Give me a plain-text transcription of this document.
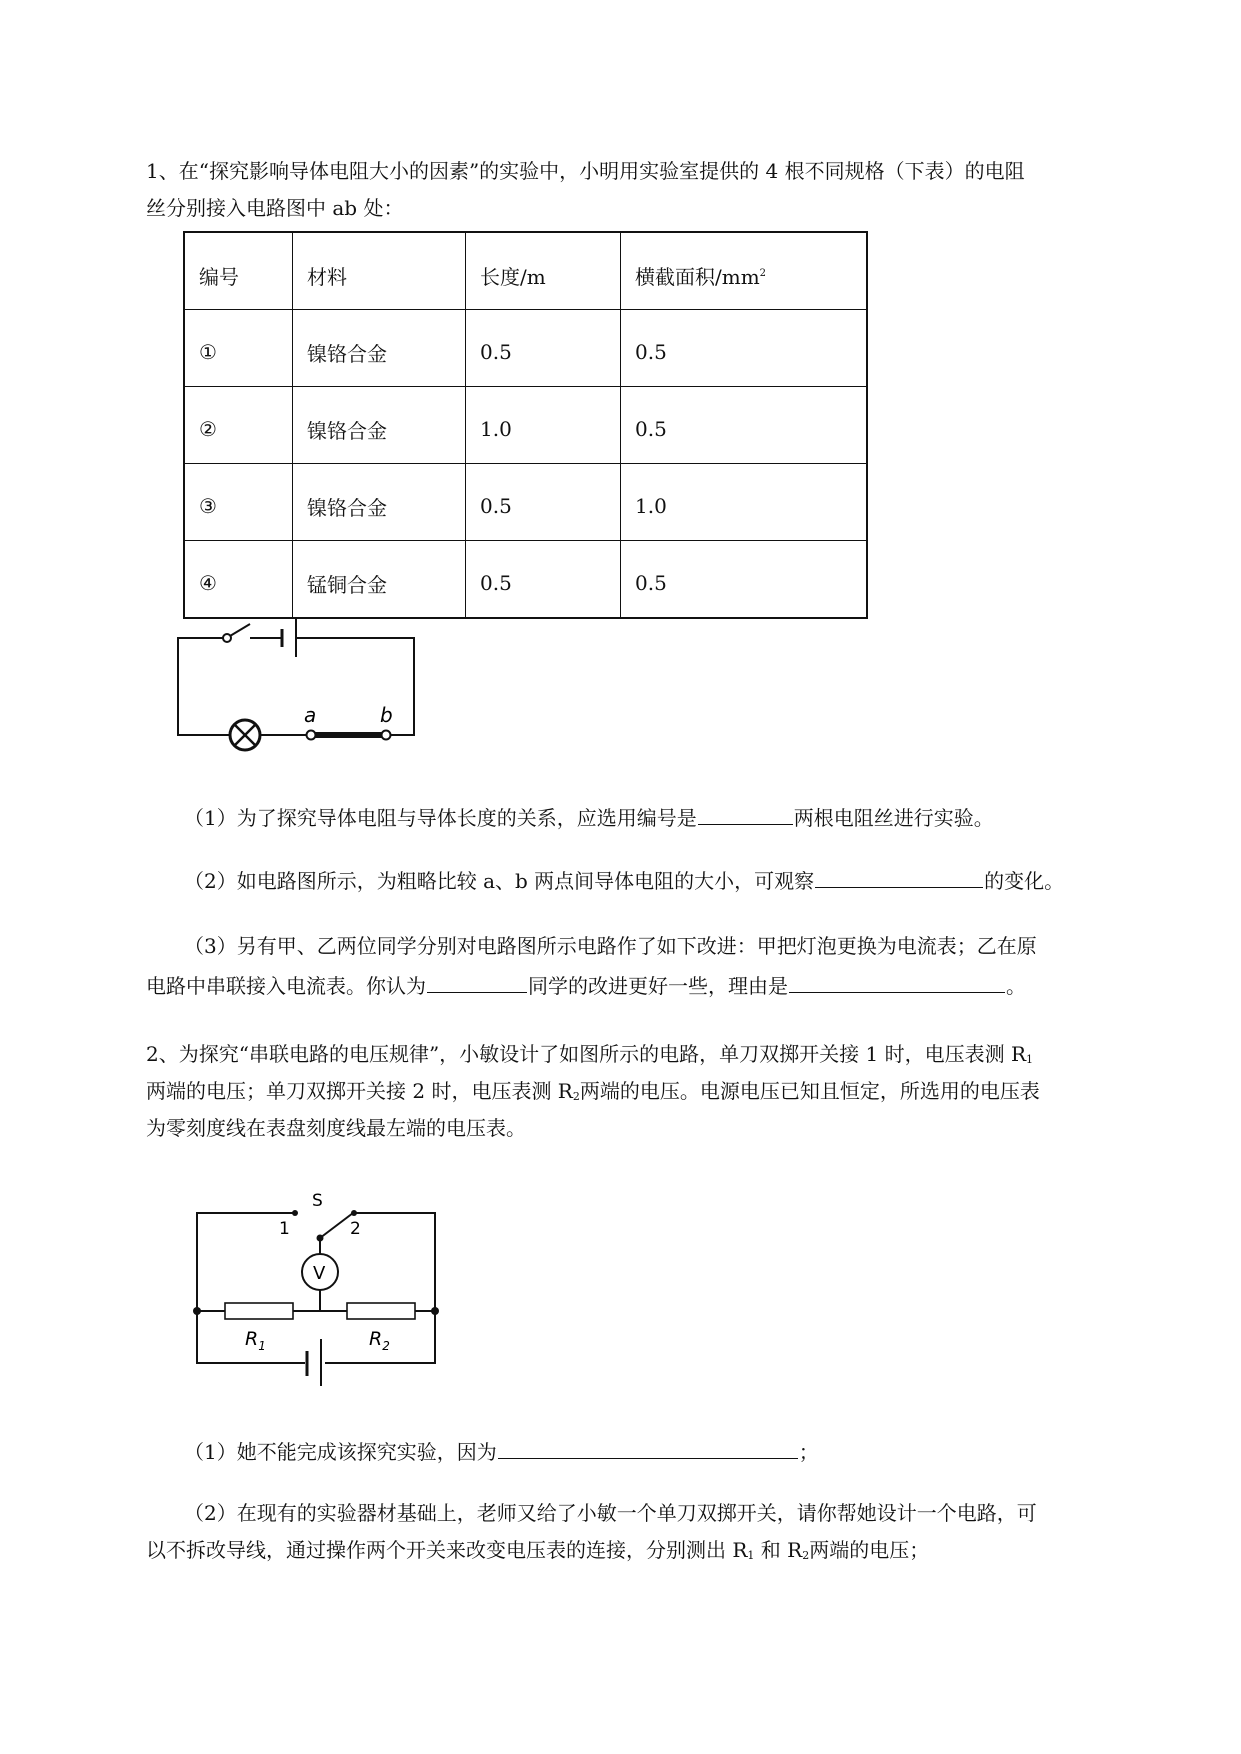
1、在“探究影响导体电阻大小的因素”的实验中，小明用实验室提供的 4 根不同规格（下表）的电阻
丝分别接入电路图中 ab 处：
编号	材料	长度/m	横截面积$/mm^2$
①	镍铬合金	0.5	0.5
②	镍铬合金	1.0	0.5
③	镍铬合金	0.5	1.0
④	锰铜合金	0.5	0.5
a	b
（1）为了探究导体电阻与导体长度的关系，应选用编号是	两根电阻丝进行实验。
（2）如电路图所示，为粗略比较 a、b 两点间导体电阻的大小，可观察	的变化。
（3）另有甲、乙两位同学分别对电路图所示电路作了如下改进：甲把灯泡更换为电流表；乙在原
电路中串联接入电流表。你认为	同学的改进更好一些，理由是	。
2、为探究“串联电路的电压规律”，小敏设计了如图所示的电路，单刀双掷开关接 1 时，电压表测 $R_1$
两端的电压；单刀双掷开关接 2 时，电压表测 $R_2$两端的电压。电源电压已知且恒定，所选用的电压表
为零刻度线在表盘刻度线最左端的电压表。
S
1	2
V
$R_1$	$R_2$
（1）她不能完成该探究实验，因为	；
（2）在现有的实验器材基础上，老师又给了小敏一个单刀双掷开关，请你帮她设计一个电路，可
以不拆改导线，通过操作两个开关来改变电压表的连接，分别测出 $R_1$ 和 $R_2$两端的电压；
